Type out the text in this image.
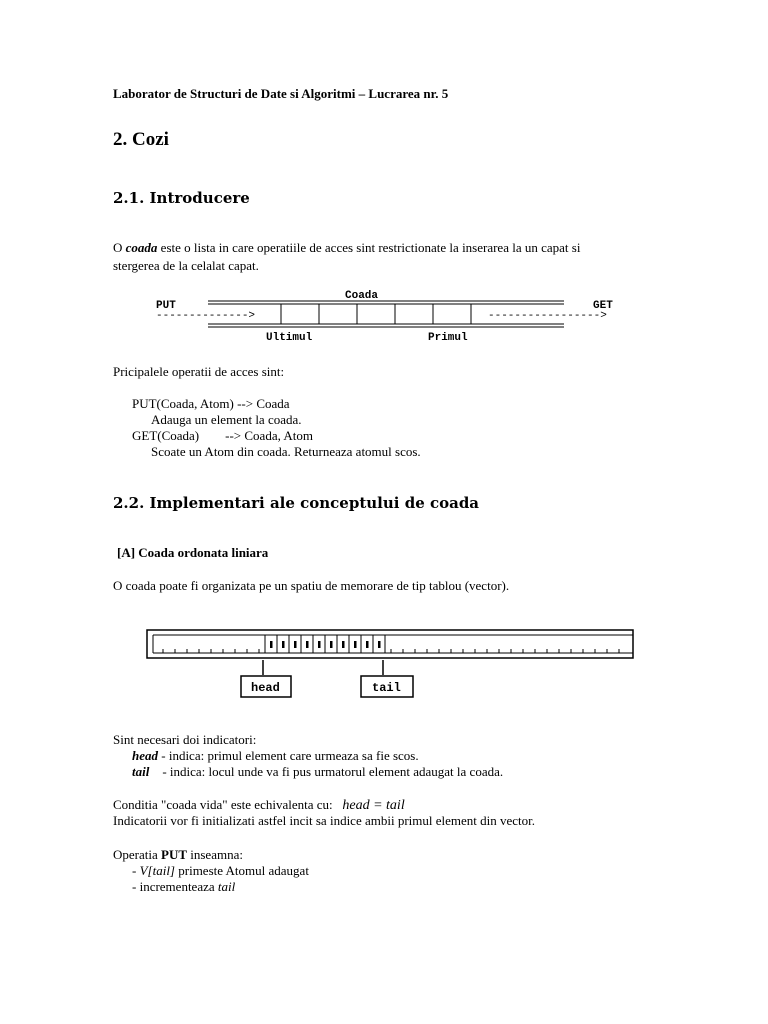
Laborator de Structuri de Date si Algoritmi – Lucrarea nr. 5
2. Cozi
2.1. Introducere
O coada este o lista in care operatiile de acces sint restrictionate la inserarea la un capat si
stergerea de la celalat capat.
Coada
PUT	GET
-------------->	----------------->
Ultimul	Primul
Pricipalele operatii de acces sint:
PUT(Coada, Atom) --> Coada
Adauga un element la coada.
GET(Coada) --> Coada, Atom
Scoate un Atom din coada. Returneaza atomul scos.
2.2. Implementari ale conceptului de coada
[A] Coada ordonata liniara
O coada poate fi organizata pe un spatiu de memorare de tip tablou (vector).
head	tail
Sint necesari doi indicatori:
head - indica: primul element care urmeaza sa fie scos.
tail    - indica: locul unde va fi pus urmatorul element adaugat la coada.
Conditia "coada vida" este echivalenta cu:   head = tail
Indicatorii vor fi initializati astfel incit sa indice ambii primul element din vector.
Operatia PUT inseamna:
- V[tail] primeste Atomul adaugat
- incrementeaza tail
